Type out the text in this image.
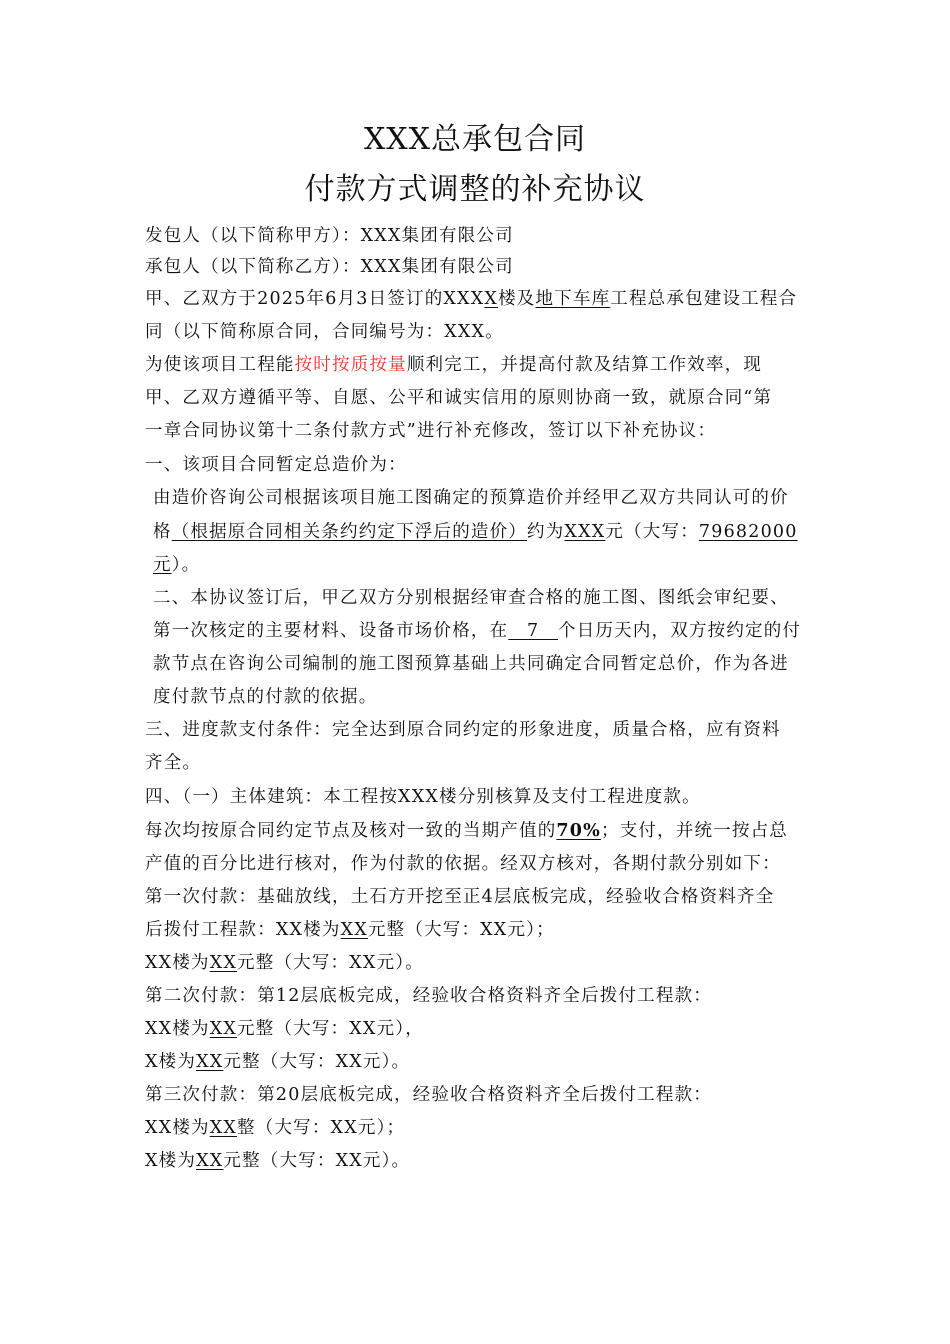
XXX总承包合同
付款方式调整的补充协议
发包人（以下简称甲方）：XXX集团有限公司
承包人（以下简称乙方）：XXX集团有限公司
甲、乙双方于2025年6月3日签订的XXXX楼及地下车库工程总承包建设工程合
同（以下简称原合同，合同编号为：XXX。
为使该项目工程能按时按质按量顺利完工，并提高付款及结算工作效率，现
甲、乙双方遵循平等、自愿、公平和诚实信用的原则协商一致，就原合同“第
一章合同协议第十二条付款方式”进行补充修改，签订以下补充协议：
一、该项目合同暂定总造价为：
由造价咨询公司根据该项目施工图确定的预算造价并经甲乙双方共同认可的价
格（根据原合同相关条约约定下浮后的造价）约为XXX元（大写：79682000
元）。
二、本协议签订后，甲乙双方分别根据经审查合格的施工图、图纸会审纪要、
第一次核定的主要材料、设备市场价格，在　7　个日历天内，双方按约定的付
款节点在咨询公司编制的施工图预算基础上共同确定合同暂定总价，作为各进
度付款节点的付款的依据。
三、进度款支付条件：完全达到原合同约定的形象进度，质量合格，应有资料
齐全。
四、（一）主体建筑：本工程按XXX楼分别核算及支付工程进度款。
每次均按原合同约定节点及核对一致的当期产值的70%；支付，并统一按占总
产值的百分比进行核对，作为付款的依据。经双方核对，各期付款分别如下：
第一次付款：基础放线，土石方开挖至正4层底板完成，经验收合格资料齐全
后拨付工程款：XX楼为XX元整（大写：XX元）；
XX楼为XX元整（大写：XX元）。
第二次付款：第12层底板完成，经验收合格资料齐全后拨付工程款：
XX楼为XX元整（大写：XX元），
X楼为XX元整（大写：XX元）。
第三次付款：第20层底板完成，经验收合格资料齐全后拨付工程款：
XX楼为XX整（大写：XX元）；
X楼为XX元整（大写：XX元）。
